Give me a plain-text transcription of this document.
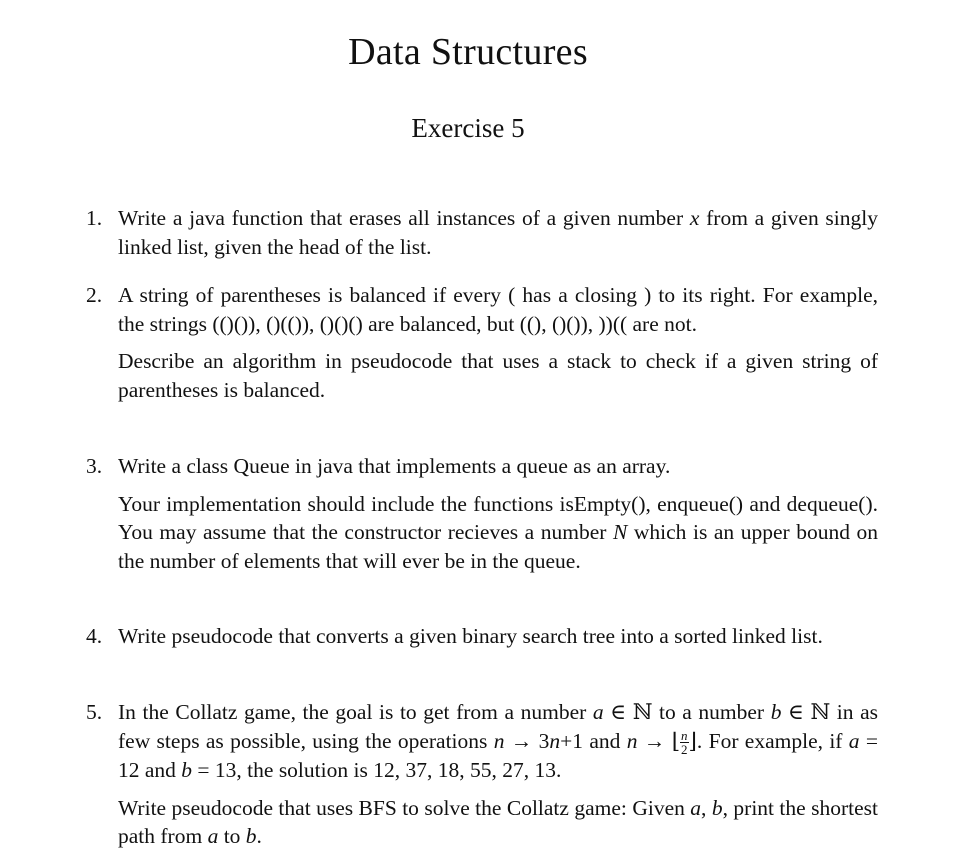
Data Structures
Exercise 5
1. Write a java function that erases all instances of a given number x from a given singly linked list, given the head of the list.

2. A string of parentheses is balanced if every ( has a closing ) to its right. For example, the strings (()()), ()(()), ()()() are balanced, but ((), ()()), ))(( are not.

Describe an algorithm in pseudocode that uses a stack to check if a given string of parentheses is balanced.

3. Write a class Queue in java that implements a queue as an array.

Your implementation should include the functions isEmpty(), enqueue() and dequeue(). You may assume that the constructor recieves a number N which is an upper bound on the number of elements that will ever be in the queue.

4. Write pseudocode that converts a given binary search tree into a sorted linked list.

5. In the Collatz game, the goal is to get from a number a ∈ ℕ to a number b ∈ ℕ in as few steps as possible, using the operations n → 3n+1 and n → ⌊ $\frac{n}{2}$ ⌋. For example, if a = 12 and b = 13, the solution is 12, 37, 18, 55, 27, 13.

Write pseudocode that uses BFS to solve the Collatz game: Given a, b, print the shortest path from a to b.
